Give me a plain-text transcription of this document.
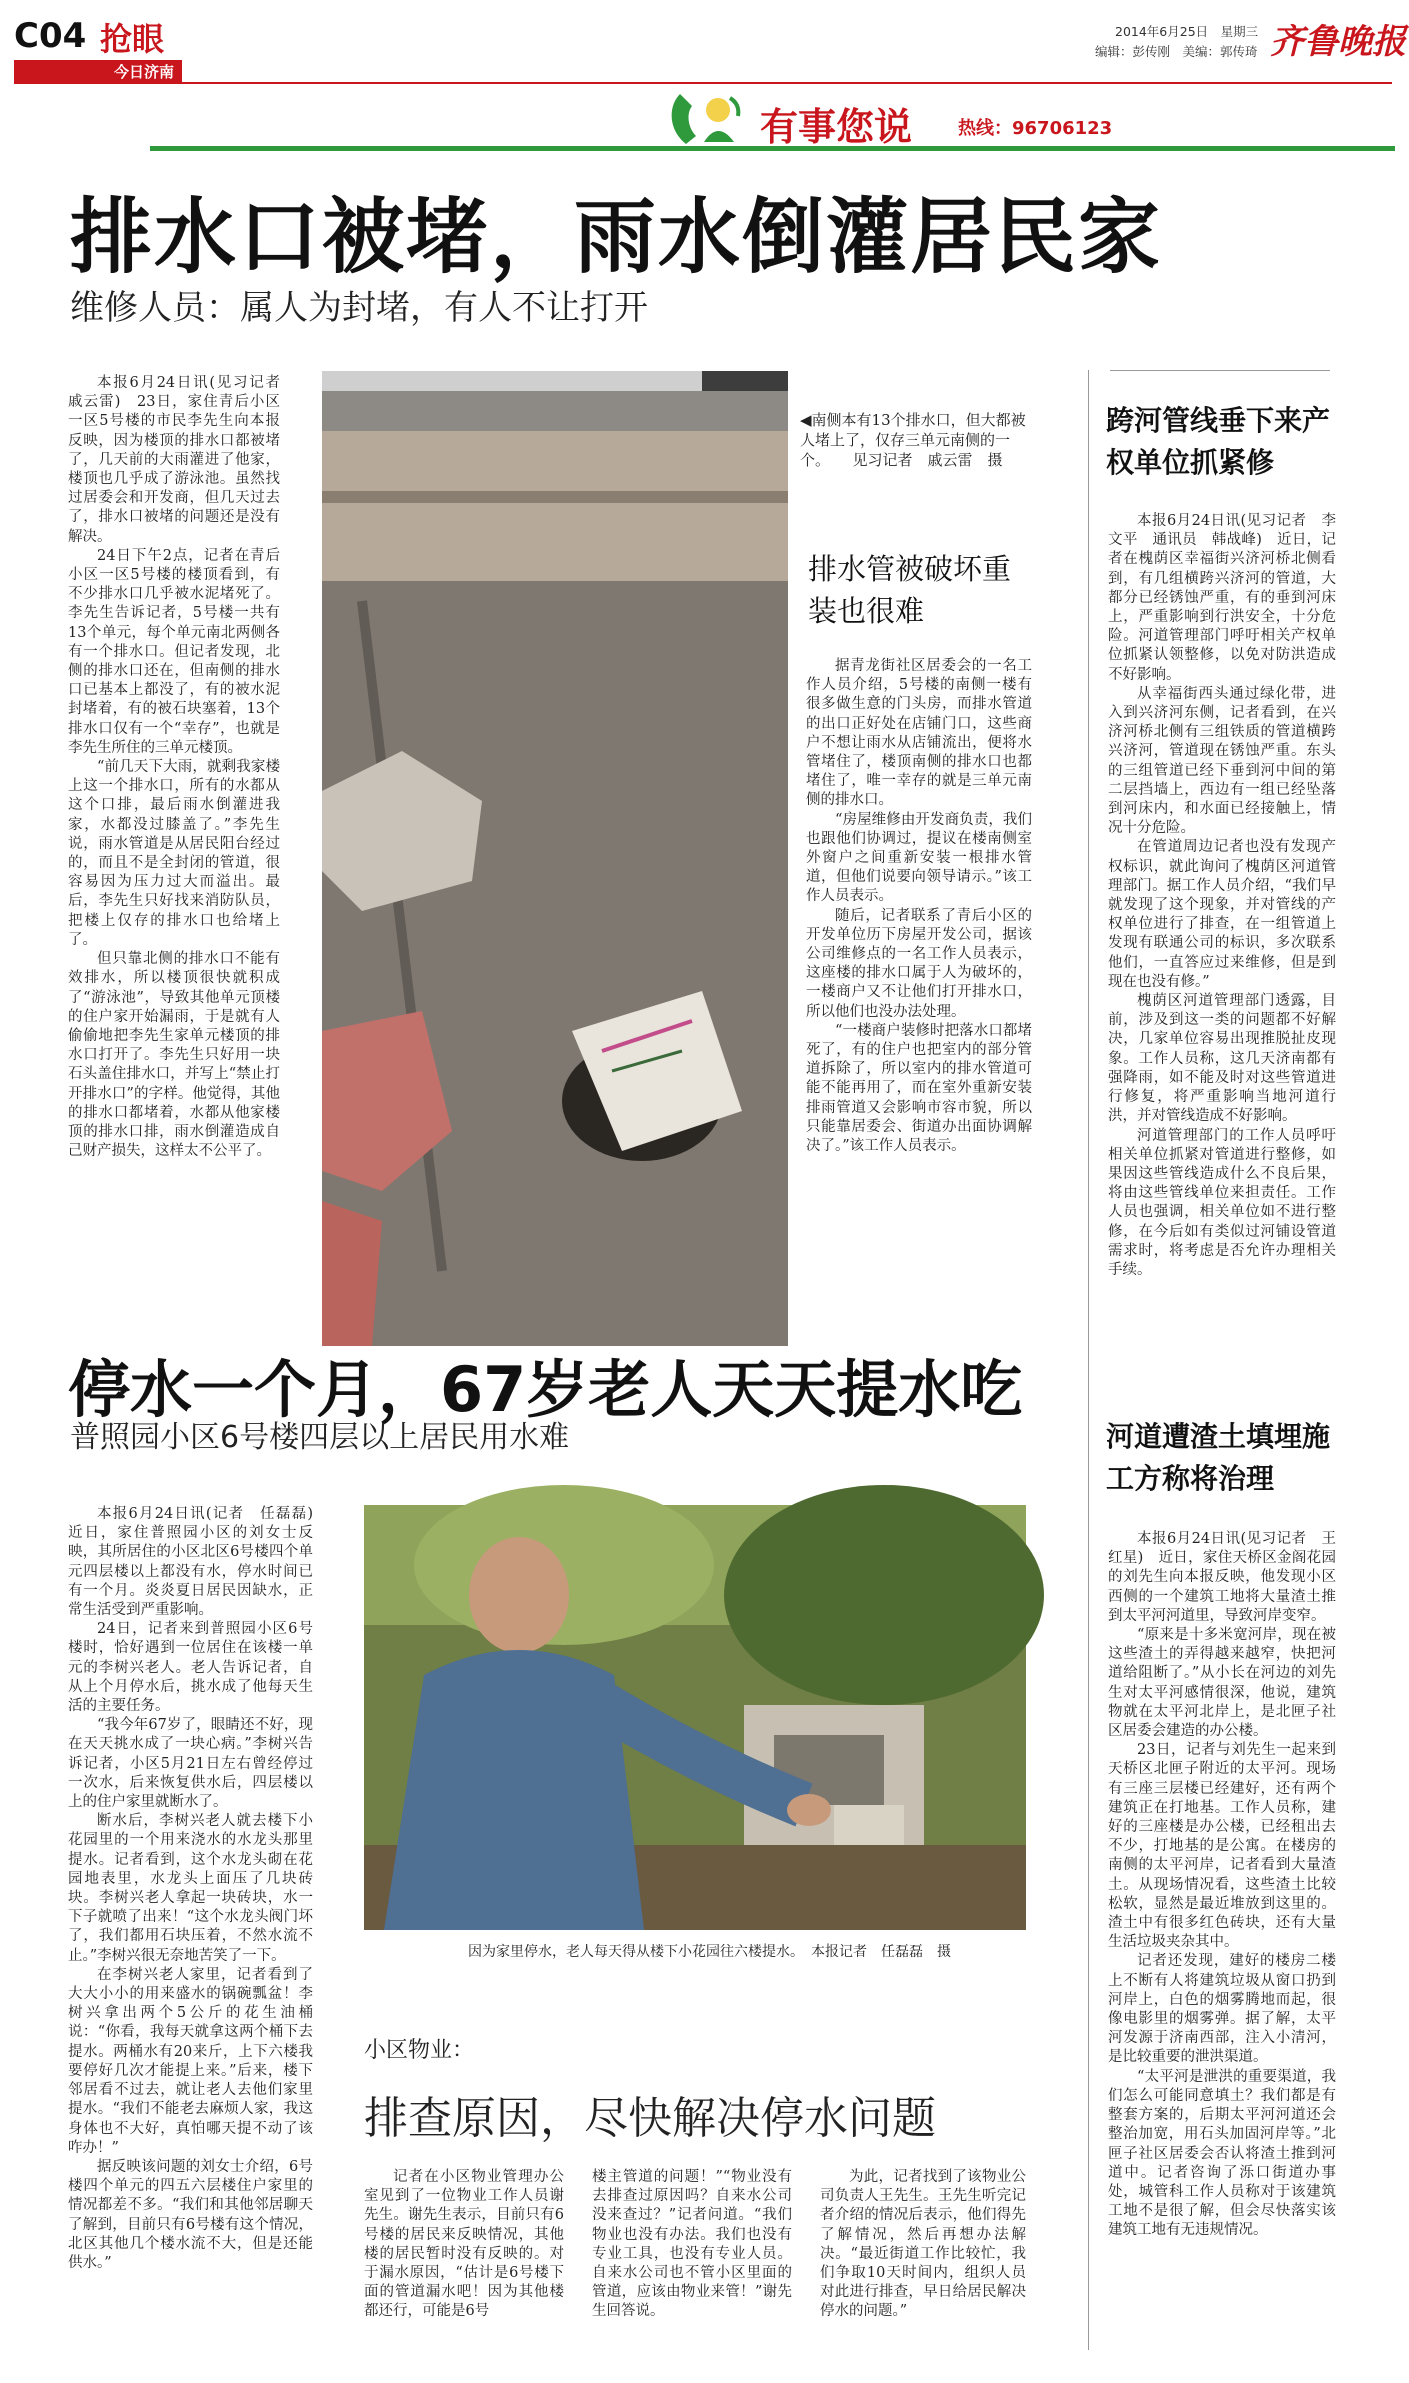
C04 抢眼
今日济南
2014年6月25日　星期三
编辑：彭传刚　美编：郭传琦 齐鲁晚报
有事您说	热线：96706123
排水口被堵，雨水倒灌居民家
维修人员：属人为封堵，有人不让打开

本报6月24日讯(见习记者　戚云雷)　23日，家住青后小区一区5号楼的市民李先生向本报反映，因为楼顶的排水口都被堵了，几天前的大雨灌进了他家，楼顶也几乎成了游泳池。虽然找过居委会和开发商，但几天过去了，排水口被堵的问题还是没有解决。

24日下午2点，记者在青后小区一区5号楼的楼顶看到，有不少排水口几乎被水泥堵死了。李先生告诉记者，5号楼一共有13个单元，每个单元南北两侧各有一个排水口。但记者发现，北侧的排水口还在，但南侧的排水口已基本上都没了，有的被水泥封堵着，有的被石块塞着，13个排水口仅有一个“幸存”，也就是李先生所住的三单元楼顶。

“前几天下大雨，就剩我家楼上这一个排水口，所有的水都从这个口排，最后雨水倒灌进我家，水都没过膝盖了。”李先生说，雨水管道是从居民阳台经过的，而且不是全封闭的管道，很容易因为压力过大而溢出。最后，李先生只好找来消防队员，把楼上仅存的排水口也给堵上了。

但只靠北侧的排水口不能有效排水，所以楼顶很快就积成了“游泳池”，导致其他单元顶楼的住户家开始漏雨，于是就有人偷偷地把李先生家单元楼顶的排水口打开了。李先生只好用一块石头盖住排水口，并写上“禁止打开排水口”的字样。他觉得，其他的排水口都堵着，水都从他家楼顶的排水口排，雨水倒灌造成自己财产损失，这样太不公平了。

◀南侧本有13个排水口，但大都被人堵上了，仅存三单元南侧的一个。　　见习记者　戚云雷　摄
排水管被破坏重装也很难

据青龙街社区居委会的一名工作人员介绍，5号楼的南侧一楼有很多做生意的门头房，而排水管道的出口正好处在店铺门口，这些商户不想让雨水从店铺流出，便将水管堵住了，楼顶南侧的排水口也都堵住了，唯一幸存的就是三单元南侧的排水口。

“房屋维修由开发商负责，我们也跟他们协调过，提议在楼南侧室外窗户之间重新安装一根排水管道，但他们说要向领导请示。”该工作人员表示。

随后，记者联系了青后小区的开发单位历下房屋开发公司，据该公司维修点的一名工作人员表示，这座楼的排水口属于人为破坏的，一楼商户又不让他们打开排水口，所以他们也没办法处理。

“一楼商户装修时把落水口都堵死了，有的住户也把室内的部分管道拆除了，所以室内的排水管道可能不能再用了，而在室外重新安装排雨管道又会影响市容市貌，所以只能靠居委会、街道办出面协调解决了。”该工作人员表示。

跨河管线垂下来产权单位抓紧修

本报6月24日讯(见习记者　李文平　通讯员　韩战峰)　近日，记者在槐荫区幸福街兴济河桥北侧看到，有几组横跨兴济河的管道，大都分已经锈蚀严重，有的垂到河床上，严重影响到行洪安全，十分危险。河道管理部门呼吁相关产权单位抓紧认领整修，以免对防洪造成不好影响。

从幸福街西头通过绿化带，进入到兴济河东侧，记者看到，在兴济河桥北侧有三组铁质的管道横跨兴济河，管道现在锈蚀严重。东头的三组管道已经下垂到河中间的第二层挡墙上，西边有一组已经坠落到河床内，和水面已经接触上，情况十分危险。

在管道周边记者也没有发现产权标识，就此询问了槐荫区河道管理部门。据工作人员介绍，“我们早就发现了这个现象，并对管线的产权单位进行了排查，在一组管道上发现有联通公司的标识，多次联系他们，一直答应过来维修，但是到现在也没有修。”

槐荫区河道管理部门透露，目前，涉及到这一类的问题都不好解决，几家单位容易出现推脱扯皮现象。工作人员称，这几天济南都有强降雨，如不能及时对这些管道进行修复，将严重影响当地河道行洪，并对管线造成不好影响。

河道管理部门的工作人员呼吁相关单位抓紧对管道进行整修，如果因这些管线造成什么不良后果，将由这些管线单位来担责任。工作人员也强调，相关单位如不进行整修，在今后如有类似过河铺设管道需求时，将考虑是否允许办理相关手续。

停水一个月，67岁老人天天提水吃
普照园小区6号楼四层以上居民用水难

本报6月24日讯(记者　任磊磊)　近日，家住普照园小区的刘女士反映，其所居住的小区北区6号楼四个单元四层楼以上都没有水，停水时间已有一个月。炎炎夏日居民因缺水，正常生活受到严重影响。

24日，记者来到普照园小区6号楼时，恰好遇到一位居住在该楼一单元的李树兴老人。老人告诉记者，自从上个月停水后，挑水成了他每天生活的主要任务。

“我今年67岁了，眼睛还不好，现在天天挑水成了一块心病。”李树兴告诉记者，小区5月21日左右曾经停过一次水，后来恢复供水后，四层楼以上的住户家里就断水了。

断水后，李树兴老人就去楼下小花园里的一个用来浇水的水龙头那里提水。记者看到，这个水龙头砌在花园地表里，水龙头上面压了几块砖块。李树兴老人拿起一块砖块，水一下子就喷了出来！“这个水龙头阀门坏了，我们都用石块压着，不然水流不止。”李树兴很无奈地苦笑了一下。

在李树兴老人家里，记者看到了大大小小的用来盛水的锅碗瓢盆！李树兴拿出两个5公斤的花生油桶说：“你看，我每天就拿这两个桶下去提水。两桶水有20来斤，上下六楼我要停好几次才能提上来。”后来，楼下邻居看不过去，就让老人去他们家里提水。“我们不能老去麻烦人家，我这身体也不大好，真怕哪天提不动了该咋办！”

据反映该问题的刘女士介绍，6号楼四个单元的四五六层楼住户家里的情况都差不多。“我们和其他邻居聊天了解到，目前只有6号楼有这个情况，北区其他几个楼水流不大，但是还能供水。”

因为家里停水，老人每天得从楼下小花园往六楼提水。　本报记者　任磊磊　摄
小区物业：
排查原因，尽快解决停水问题

记者在小区物业管理办公室见到了一位物业工作人员谢先生。谢先生表示，目前只有6号楼的居民来反映情况，其他楼的居民暂时没有反映的。对于漏水原因，“估计是6号楼下面的管道漏水吧！因为其他楼都还行，可能是6号

楼主管道的问题！”“物业没有去排查过原因吗？自来水公司没来查过？”记者问道。“我们物业也没有办法。我们也没有专业工具，也没有专业人员。自来水公司也不管小区里面的管道，应该由物业来管！”谢先生回答说。

为此，记者找到了该物业公司负责人王先生。王先生听完记者介绍的情况后表示，他们得先了解情况，然后再想办法解决。“最近街道工作比较忙，我们争取10天时间内，组织人员对此进行排查，早日给居民解决停水的问题。”

河道遭渣土填埋施工方称将治理

本报6月24日讯(见习记者　王红星)　近日，家住天桥区金阁花园的刘先生向本报反映，他发现小区西侧的一个建筑工地将大量渣土推到太平河河道里，导致河岸变窄。

“原来是十多米宽河岸，现在被这些渣土的弄得越来越窄，快把河道给阻断了。”从小长在河边的刘先生对太平河感情很深，他说，建筑物就在太平河北岸上，是北匣子社区居委会建造的办公楼。

23日，记者与刘先生一起来到天桥区北匣子附近的太平河。现场有三座三层楼已经建好，还有两个建筑正在打地基。工作人员称，建好的三座楼是办公楼，已经租出去不少，打地基的是公寓。在楼房的南侧的太平河岸，记者看到大量渣土。从现场情况看，这些渣土比较松软，显然是最近堆放到这里的。渣土中有很多红色砖块，还有大量生活垃圾夹杂其中。

记者还发现，建好的楼房二楼上不断有人将建筑垃圾从窗口扔到河岸上，白色的烟雾腾地而起，很像电影里的烟雾弹。据了解，太平河发源于济南西部，注入小清河，是比较重要的泄洪渠道。

“太平河是泄洪的重要渠道，我们怎么可能同意填土？我们都是有整套方案的，后期太平河河道还会整治加宽，用石头加固河岸等。”北匣子社区居委会否认将渣土推到河道中。记者咨询了泺口街道办事处，城管科工作人员称对于该建筑工地不是很了解，但会尽快落实该建筑工地有无违规情况。
